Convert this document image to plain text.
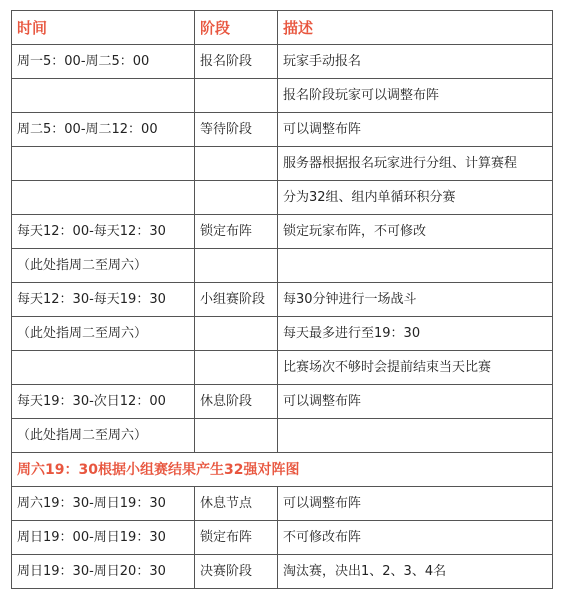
时间	阶段	描述
周一5：00-周二5：00	报名阶段	玩家手动报名
		报名阶段玩家可以调整布阵
周二5：00-周二12：00	等待阶段	可以调整布阵
		服务器根据报名玩家进行分组、计算赛程
		分为32组、组内单循环积分赛
每天12：00-每天12：30	锁定布阵	锁定玩家布阵，不可修改
（此处指周二至周六）		
每天12：30-每天19：30	小组赛阶段	每30分钟进行一场战斗
（此处指周二至周六）		每天最多进行至19：30
		比赛场次不够时会提前结束当天比赛
每天19：30-次日12：00	休息阶段	可以调整布阵
（此处指周二至周六）		
周六19：30根据小组赛结果产生32强对阵图		
周六19：30-周日19：30	休息节点	可以调整布阵
周日19：00-周日19：30	锁定布阵	不可修改布阵
周日19：30-周日20：30	决赛阶段	淘汰赛，决出1、2、3、4名
